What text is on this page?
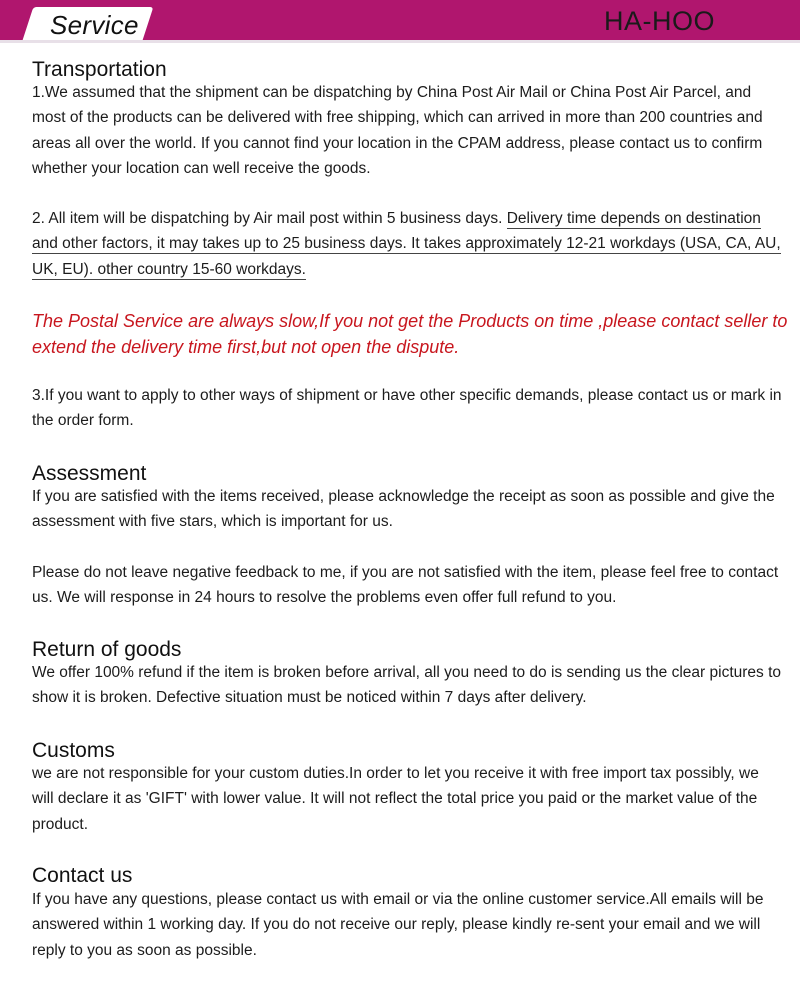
Service	HA-HOO
Transportation

1.We assumed that the shipment can be dispatching by China Post Air Mail or China Post Air Parcel, and most of the products can be delivered with free shipping, which can arrived in more than 200 countries and areas all over the world. If you cannot find your location in the CPAM address, please contact us to confirm whether your location can well receive the goods.

2. All item will be dispatching by Air mail post within 5 business days. Delivery time depends on destination and other factors, it may takes up to 25 business days. It takes approximately 12-21 workdays (USA, CA, AU, UK, EU). other country 15-60 workdays.

The Postal Service are always slow,If you not get the Products on time ,please contact seller to extend the delivery time first,but not open the dispute.

3.If you want to apply to other ways of shipment or have other specific demands, please contact us or mark in the order form.

Assessment

If you are satisfied with the items received, please acknowledge the receipt as soon as possible and give the assessment with five stars, which is important for us.

Please do not leave negative feedback to me, if you are not satisfied with the item, please feel free to contact us. We will response in 24 hours to resolve the problems even offer full refund to you.

Return of goods

We offer 100% refund if the item is broken before arrival, all you need to do is sending us the clear pictures to show it is broken. Defective situation must be noticed within 7 days after delivery.

Customs

we are not responsible for your custom duties.In order to let you receive it with free import tax possibly, we will declare it as 'GIFT' with lower value. It will not reflect the total price you paid or the market value of the product.

Contact us

If you have any questions, please contact us with email or via the online customer service.All emails will be answered within 1 working day. If you do not receive our reply, please kindly re-sent your email and we will reply to you as soon as possible.
